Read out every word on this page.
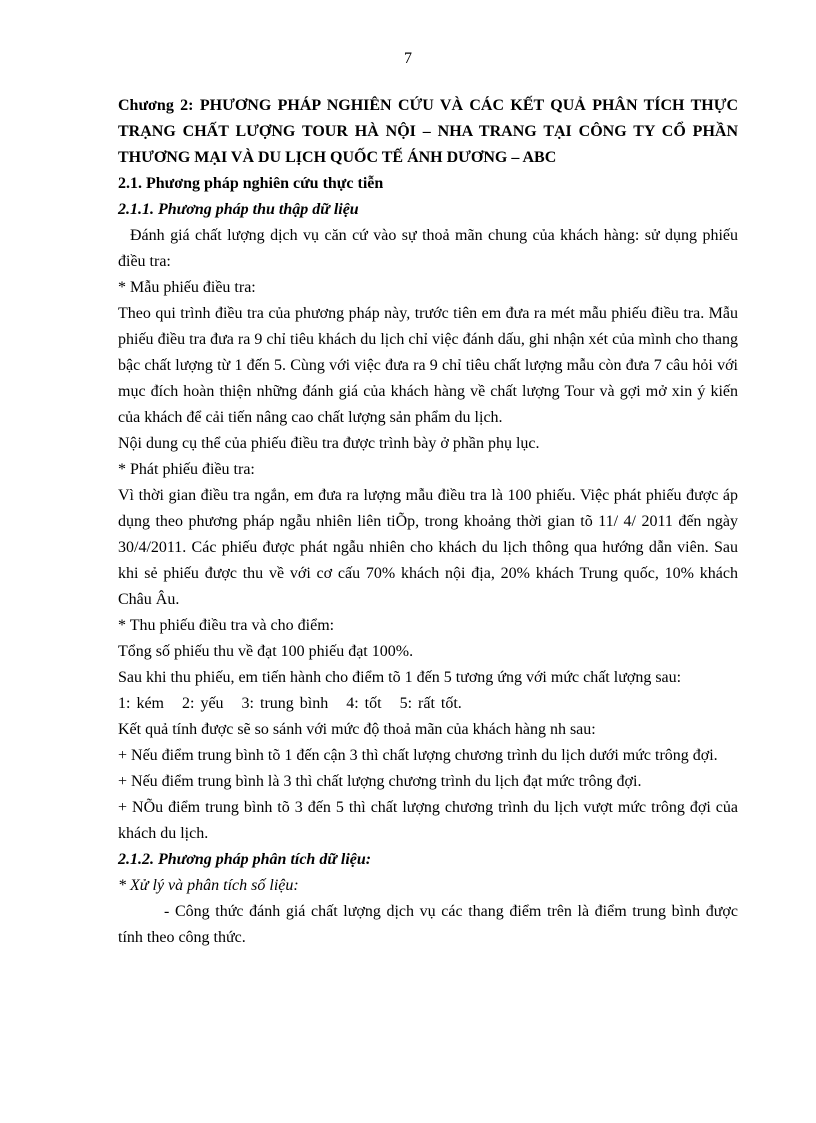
7

Chương 2: PHƯƠNG PHÁP NGHIÊN CỨU VÀ CÁC KẾT QUẢ PHÂN TÍCH THỰC TRẠNG CHẤT LƯỢNG TOUR HÀ NỘI – NHA TRANG TẠI CÔNG TY CỔ PHẦN THƯƠNG MẠI VÀ DU LỊCH QUỐC TẾ ÁNH DƯƠNG – ABC

2.1. Phương pháp nghiên cứu thực tiễn

2.1.1. Phương pháp thu thập dữ liệu

Đánh giá chất lượng dịch vụ căn cứ vào sự thoả mãn chung của khách hàng: sử dụng phiếu điều tra:

* Mẫu phiếu điều tra:

Theo qui trình điều tra của phương pháp này, trước tiên em đưa ra mét mẫu phiếu điều tra. Mẫu phiếu điều tra đưa ra 9 chỉ tiêu khách du lịch chỉ việc đánh dấu, ghi nhận xét của mình cho thang bậc chất lượng từ 1 đến 5. Cùng với việc đưa ra 9 chỉ tiêu chất lượng mẫu còn đưa 7 câu hỏi với mục đích hoàn thiện những đánh giá của khách hàng về chất lượng Tour và gợi mở xin ý kiến của khách để cải tiến nâng cao chất lượng sản phẩm du lịch.

Nội dung cụ thể của phiếu điều tra được trình bày ở phần phụ lục.

* Phát phiếu điều tra:

Vì thời gian điều tra ngắn, em đưa ra lượng mẫu điều tra là 100 phiếu. Việc phát phiếu được áp dụng theo phương pháp ngẫu nhiên liên tiÕp, trong khoảng thời gian tõ 11/ 4/ 2011 đến ngày 30/4/2011. Các phiếu được phát ngẫu nhiên cho khách du lịch thông qua hướng dẫn viên. Sau khi sẻ phiếu được thu về với cơ cấu 70% khách nội địa, 20% khách Trung quốc, 10% khách Châu Âu.

* Thu phiếu điều tra và cho điểm:

Tổng số phiếu thu về đạt 100 phiếu đạt 100%.

Sau khi thu phiếu, em tiến hành cho điểm tõ 1 đến 5 tương ứng với mức chất lượng sau:

1: kém 2: yếu 3: trung bình 4: tốt 5: rất tốt.

Kết quả tính được sẽ so sánh với mức độ thoả mãn của khách hàng nh sau:

+ Nếu điểm trung bình tõ 1 đến cận 3 thì chất lượng chương trình du lịch dưới mức trông đợi.

+ Nếu điểm trung bình là 3 thì chất lượng chương trình du lịch đạt mức trông đợi.

+ NÕu điểm trung bình tõ 3 đến 5 thì chất lượng chương trình du lịch vượt mức trông đợi của khách du lịch.

2.1.2. Phương pháp phân tích dữ liệu:

* Xử lý và phân tích số liệu:

- Công thức đánh giá chất lượng dịch vụ các thang điểm trên là điểm trung bình được tính theo công thức.
